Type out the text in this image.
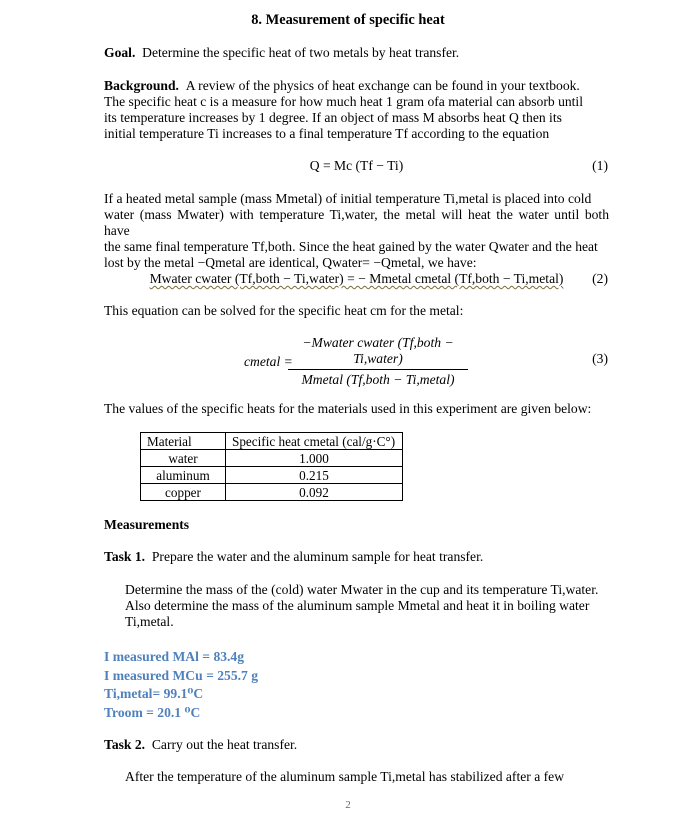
8. Measurement of specific heat
Goal. Determine the specific heat of two metals by heat transfer.
Background. A review of the physics of heat exchange can be found in your textbook.
The specific heat c is a measure for how much heat 1 gram ofa material can absorb until
its temperature increases by 1 degree. If an object of mass M absorbs heat Q then its
initial temperature Ti increases to a final temperature Tf according to the equation
Q = Mc (Tf − Ti)	(1)
If a heated metal sample (mass Mmetal) of initial temperature Ti,metal is placed into cold
water (mass Mwater) with temperature Ti,water, the metal will heat the water until both have
the same final temperature Tf,both. Since the heat gained by the water Qwater and the heat
lost by the metal −Qmetal are identical, Qwater= −Qmetal, we have:
Mwater cwater (Tf,both − Ti,water) = − Mmetal cmetal (Tf,both − Ti,metal)	(2)
This equation can be solved for the specific heat cm for the metal:
cmetal =
−Mwater cwater (Tf,both − Ti,water)
Mmetal (Tf,both − Ti,metal)
(3)
The values of the specific heats for the materials used in this experiment are given below:
Material	Specific heat cmetal (cal/g·C°)
water	1.000
aluminum	0.215
copper	0.092
Measurements
Task 1. Prepare the water and the aluminum sample for heat transfer.
Determine the mass of the (cold) water Mwater in the cup and its temperature Ti,water.
Also determine the mass of the aluminum sample Mmetal and heat it in boiling water
Ti,metal.
I measured MAl = 83.4g
I measured MCu = 255.7 g
Ti,metal= 99.1⁰C
Troom = 20.1 ⁰C
Task 2. Carry out the heat transfer.
After the temperature of the aluminum sample Ti,metal has stabilized after a few
2
